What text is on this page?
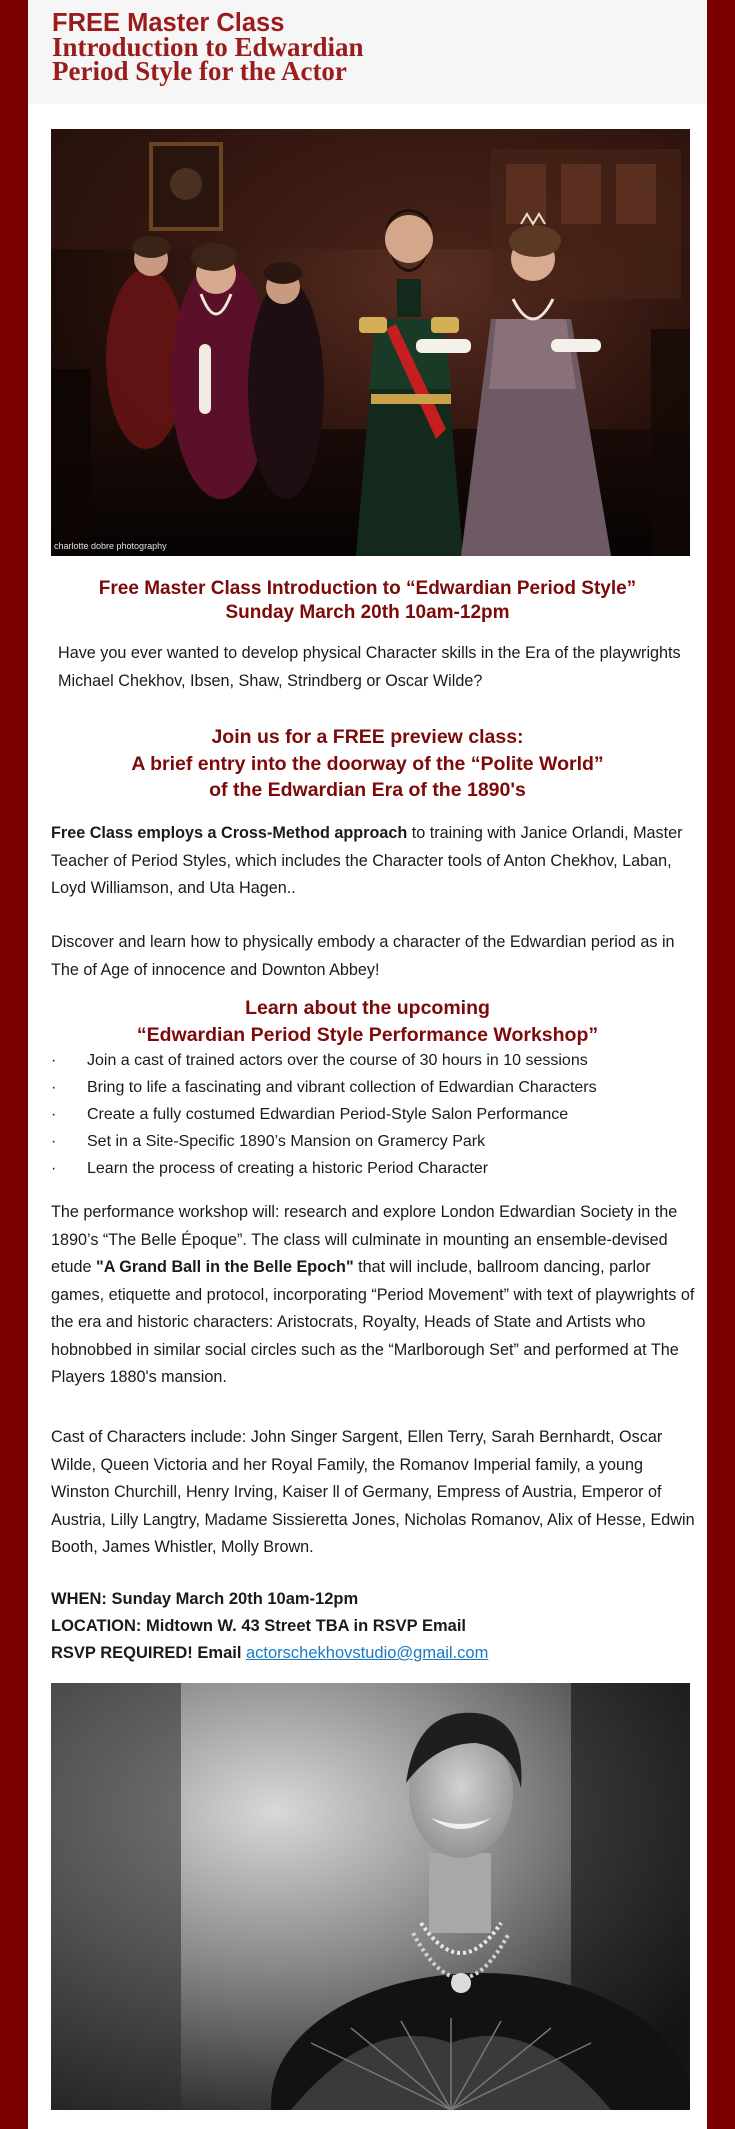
FREE Master Class
Introduction to Edwardian
Period Style for the Actor
charlotte dobre photography
Free Master Class Introduction to “Edwardian Period Style”
Sunday March 20th 10am-12pm

Have you ever wanted to develop physical Character skills in the Era of the playwrights Michael Chekhov, Ibsen, Shaw, Strindberg or Oscar Wilde?

Join us for a FREE preview class:
A brief entry into the doorway of the “Polite World”
of the Edwardian Era of the 1890's

Free Class employs a Cross-Method approach to training with Janice Orlandi, Master Teacher of Period Styles, which includes the Character tools of Anton Chekhov, Laban, Loyd Williamson, and Uta Hagen..

Discover and learn how to physically embody a character of the Edwardian period as in The of Age of innocence and Downton Abbey!

Learn about the upcoming
“Edwardian Period Style Performance Workshop”
· Join a cast of trained actors over the course of 30 hours in 10 sessions
· Bring to life a fascinating and vibrant collection of Edwardian Characters
· Create a fully costumed Edwardian Period-Style Salon Performance
· Set in a Site-Specific 1890’s Mansion on Gramercy Park
· Learn the process of creating a historic Period Character

The performance workshop will: research and explore London Edwardian Society in the 1890’s “The Belle Époque”. The class will culminate in mounting an ensemble-devised etude "A Grand Ball in the Belle Epoch" that will include, ballroom dancing, parlor games, etiquette and protocol, incorporating “Period Movement” with text of playwrights of the era and historic characters: Aristocrats, Royalty, Heads of State and Artists who hobnobbed in similar social circles such as the “Marlborough Set” and performed at The Players 1880's mansion.

Cast of Characters include: John Singer Sargent, Ellen Terry, Sarah Bernhardt, Oscar Wilde, Queen Victoria and her Royal Family, the Romanov Imperial family, a young Winston Churchill, Henry Irving, Kaiser ll of Germany, Empress of Austria, Emperor of Austria, Lilly Langtry, Madame Sissieretta Jones, Nicholas Romanov, Alix of Hesse, Edwin Booth, James Whistler, Molly Brown.

WHEN: Sunday March 20th 10am-12pm
LOCATION: Midtown W. 43 Street TBA in RSVP Email
RSVP REQUIRED! Email actorschekhovstudio@gmail.com
